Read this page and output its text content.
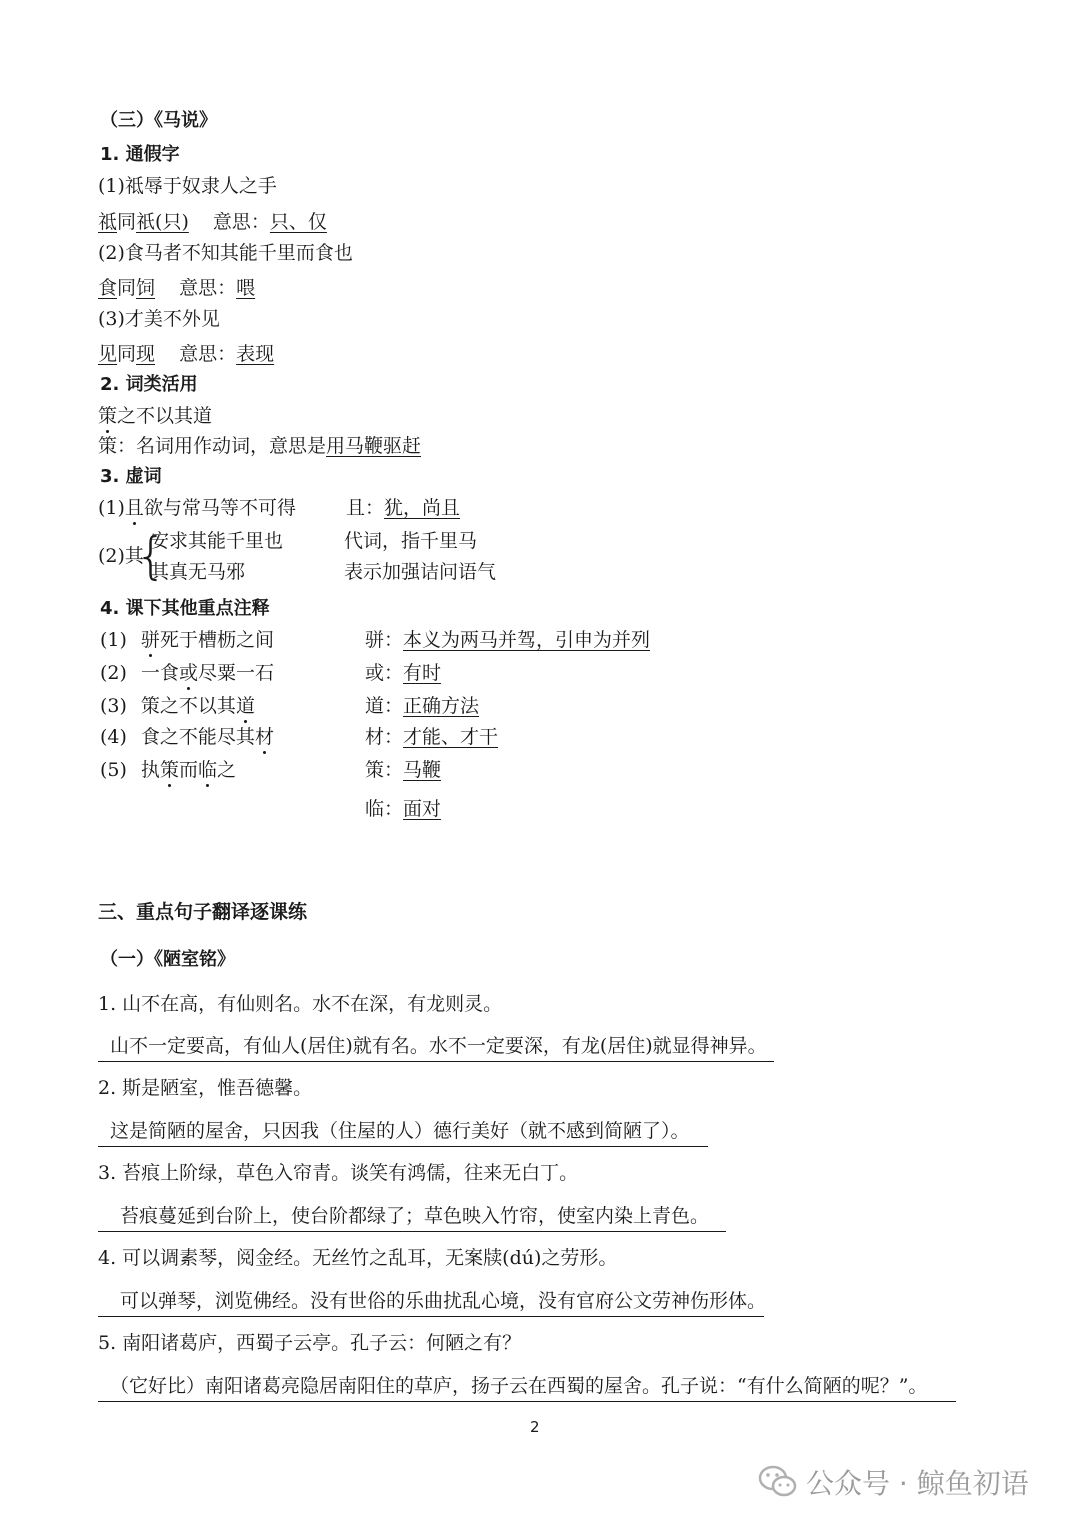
（三）《马说》
1. 通假字
(1)祗辱于奴隶人之手
祗同祇(只) 意思：只、仅
(2)食马者不知其能千里而食也
食同饲 意思：喂
(3)才美不外见
见同现 意思：表现
2. 词类活用
策之不以其道
策：名词用作动词，意思是用马鞭驱赶
3. 虚词
(1)且欲与常马等不可得	且：犹，尚且
(2)其
{
安求其能千里也	代词，指千里马
其真无马邪	表示加强诘问语气
4. 课下其他重点注释
(1) 骈死于槽枥之间	骈：本义为两马并驾，引申为并列
(2) 一食或尽粟一石	或：有时
(3) 策之不以其道	道：正确方法
(4) 食之不能尽其材	材：才能、才干
(5) 执策而临之	策：马鞭
临：面对
三、重点句子翻译逐课练
（一）《陋室铭》
1. 山不在高，有仙则名。水不在深，有龙则灵。
山不一定要高，有仙人(居住)就有名。水不一定要深，有龙(居住)就显得神异。
2. 斯是陋室，惟吾德馨。
这是简陋的屋舍，只因我（住屋的人）德行美好（就不感到简陋了）。
3. 苔痕上阶绿，草色入帘青。谈笑有鸿儒，往来无白丁。
苔痕蔓延到台阶上，使台阶都绿了；草色映入竹帘，使室内染上青色。
4. 可以调素琴，阅金经。无丝竹之乱耳，无案牍(dú)之劳形。
可以弹琴，浏览佛经。没有世俗的乐曲扰乱心境，没有官府公文劳神伤形体。
5. 南阳诸葛庐，西蜀子云亭。孔子云：何陋之有？
（它好比）南阳诸葛亮隐居南阳住的草庐，扬子云在西蜀的屋舍。孔子说：“有什么简陋的呢？”。
2
公众号 · 鲸鱼初语
